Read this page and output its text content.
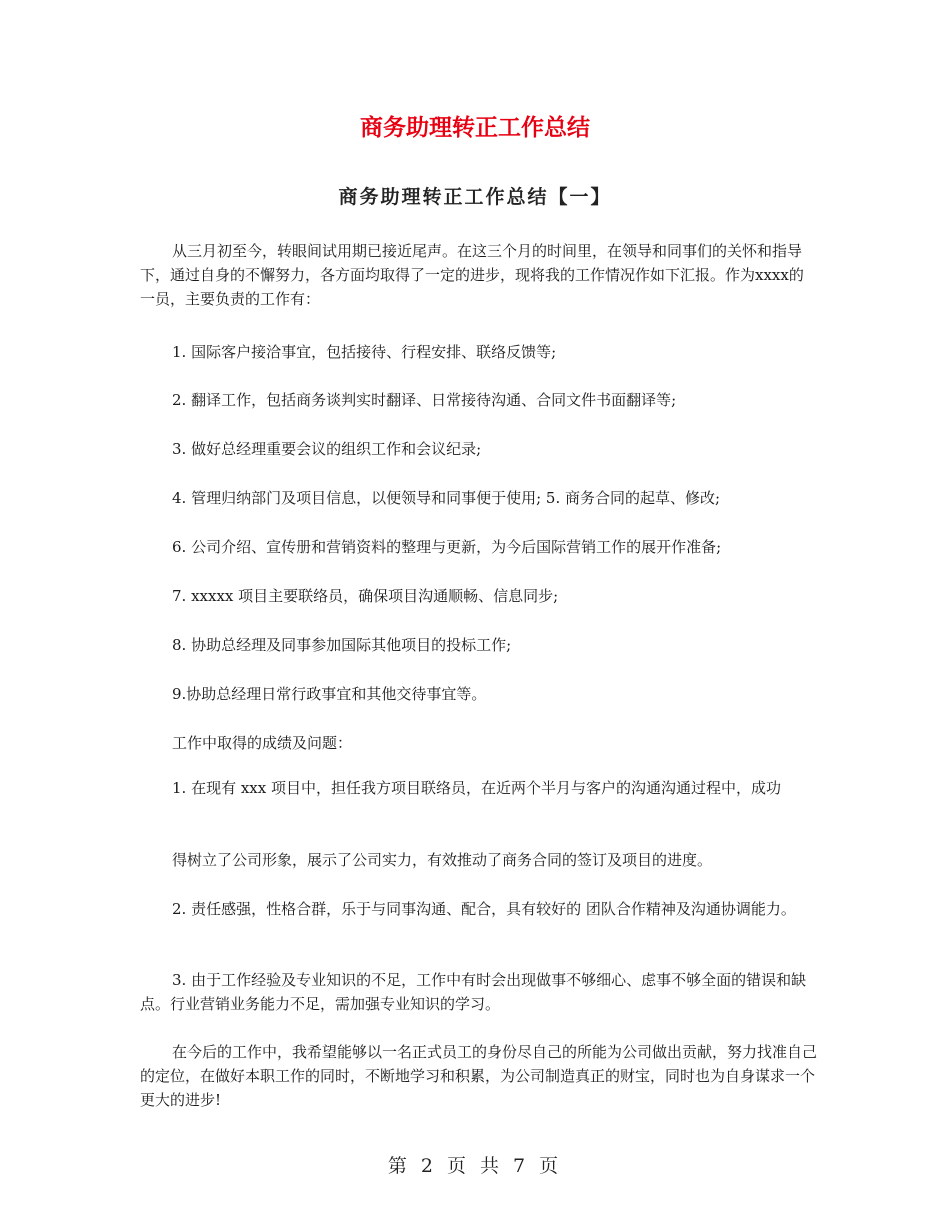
商务助理转正工作总结
商务助理转正工作总结【一】

从三月初至今，转眼间试用期已接近尾声。在这三个月的时间里，在领导和同事们的关怀和指导下，通过自身的不懈努力，各方面均取得了一定的进步，现将我的工作情况作如下汇报。作为xxxx的一员，主要负责的工作有：

1. 国际客户接洽事宜，包括接待、行程安排、联络反馈等;

2. 翻译工作，包括商务谈判实时翻译、日常接待沟通、合同文件书面翻译等;

3. 做好总经理重要会议的组织工作和会议纪录;

4. 管理归纳部门及项目信息，以便领导和同事便于使用; 5. 商务合同的起草、修改;

6. 公司介绍、宣传册和营销资料的整理与更新，为今后国际营销工作的展开作准备;

7. xxxxx 项目主要联络员，确保项目沟通顺畅、信息同步;

8. 协助总经理及同事参加国际其他项目的投标工作;

9.协助总经理日常行政事宜和其他交待事宜等。

工作中取得的成绩及问题：

1. 在现有 xxx 项目中，担任我方项目联络员，在近两个半月与客户的沟通沟通过程中，成功

得树立了公司形象，展示了公司实力，有效推动了商务合同的签订及项目的进度。

2. 责任感强，性格合群，乐于与同事沟通、配合，具有较好的 团队合作精神及沟通协调能力。

3. 由于工作经验及专业知识的不足，工作中有时会出现做事不够细心、虑事不够全面的错误和缺点。行业营销业务能力不足，需加强专业知识的学习。

在今后的工作中，我希望能够以一名正式员工的身份尽自己的所能为公司做出贡献，努力找准自己的定位，在做好本职工作的同时，不断地学习和积累，为公司制造真正的财宝，同时也为自身谋求一个更大的进步!

第 2 页 共 7 页
